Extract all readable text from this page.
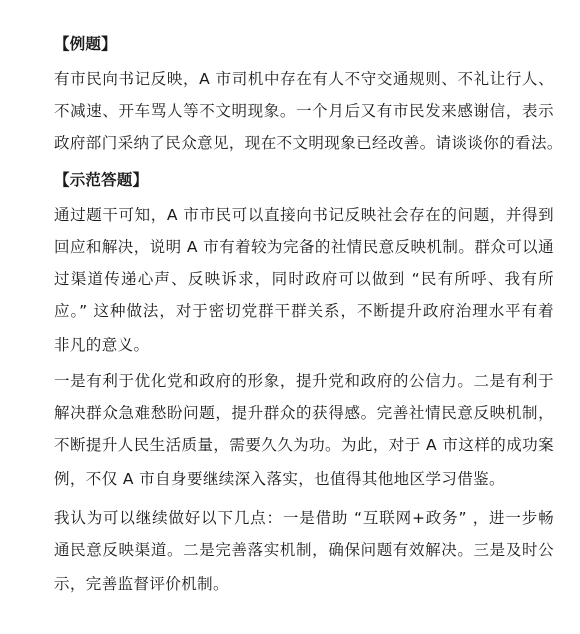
【例题】
有市民向书记反映，A 市司机中存在有人不守交通规则、不礼让行人、
不减速、开车骂人等不文明现象。一个月后又有市民发来感谢信，表示
政府部门采纳了民众意见，现在不文明现象已经改善。请谈谈你的看法。
【示范答题】
通过题干可知，A 市市民可以直接向书记反映社会存在的问题，并得到
回应和解决，说明 A 市有着较为完备的社情民意反映机制。群众可以通
过渠道传递心声、反映诉求，同时政府可以做到 “民有所呼、我有所
应。” 这种做法，对于密切党群干群关系，不断提升政府治理水平有着
非凡的意义。
一是有利于优化党和政府的形象，提升党和政府的公信力。二是有利于
解决群众急难愁盼问题，提升群众的获得感。完善社情民意反映机制，
不断提升人民生活质量，需要久久为功。为此，对于 A 市这样的成功案
例，不仅 A 市自身要继续深入落实，也值得其他地区学习借鉴。
我认为可以继续做好以下几点：一是借助 “互联网+政务” ，进一步畅
通民意反映渠道。二是完善落实机制，确保问题有效解决。三是及时公
示，完善监督评价机制。
